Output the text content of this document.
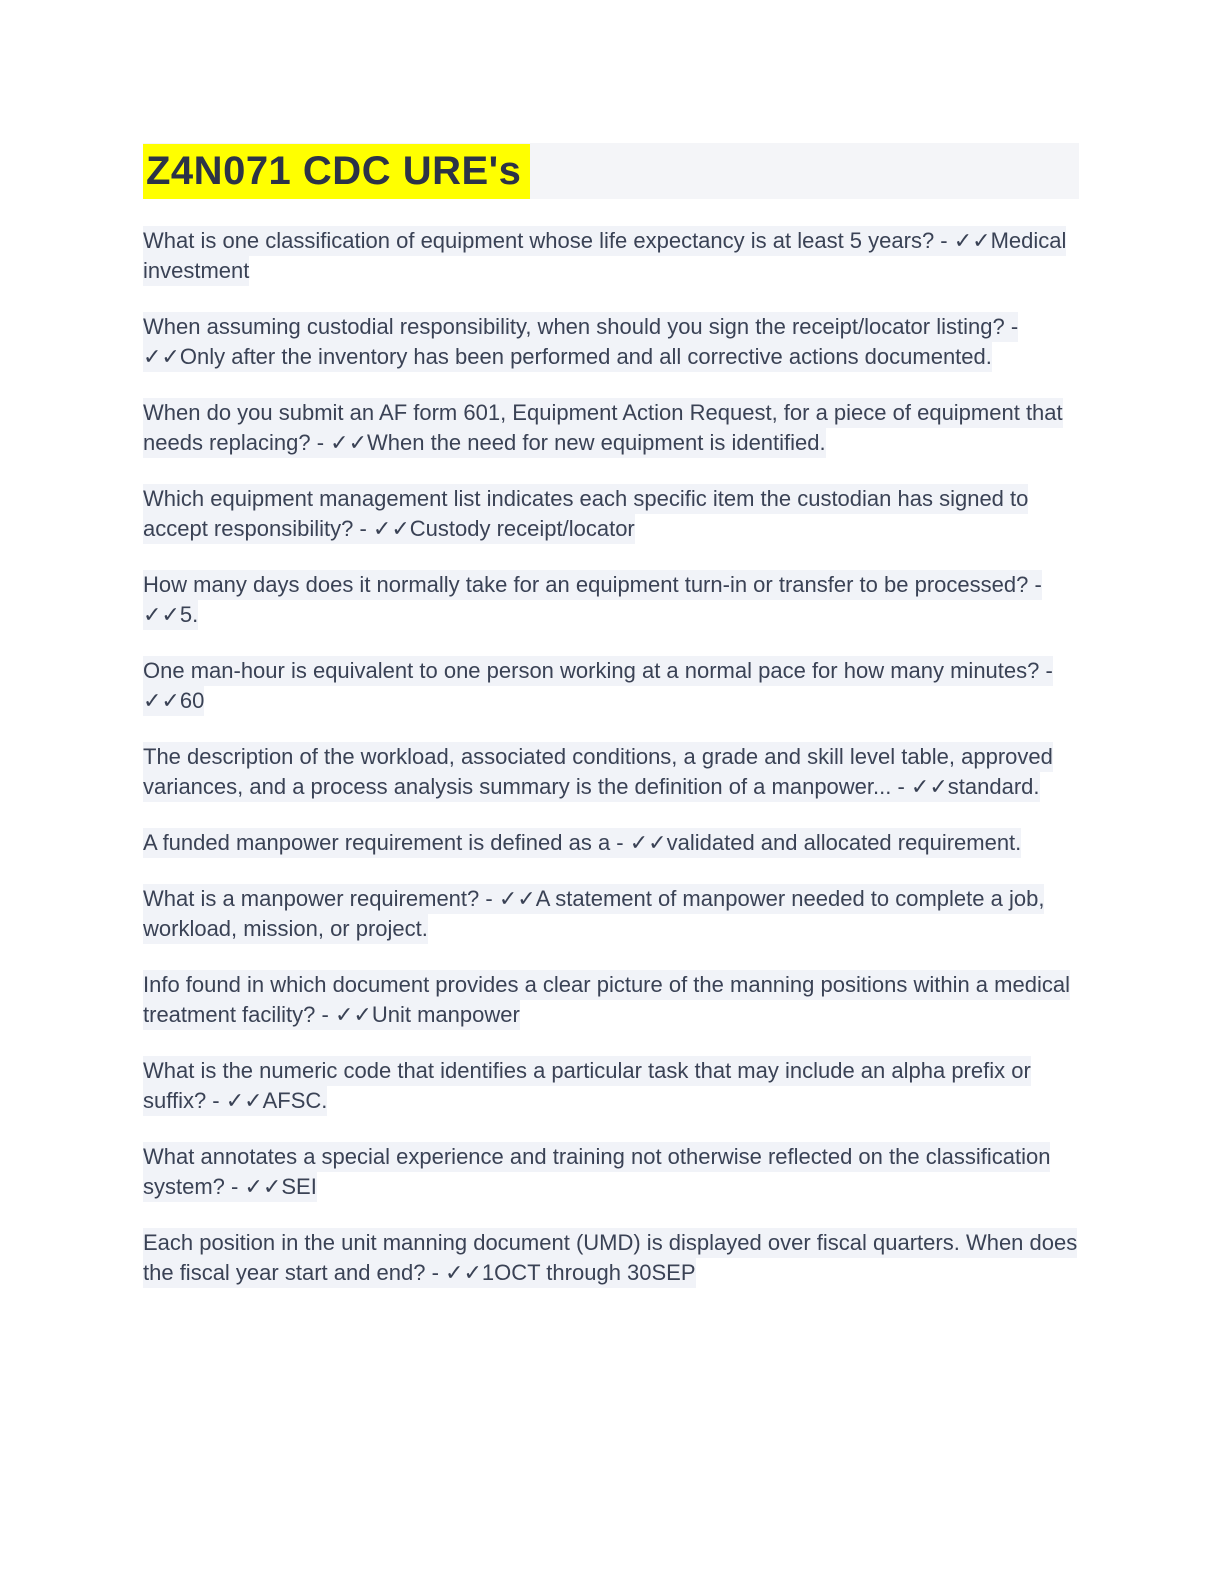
Z4N071 CDC URE's

What is one classification of equipment whose life expectancy is at least 5 years? - ✓✓Medical investment

When assuming custodial responsibility, when should you sign the receipt/locator listing? - ✓✓Only after the inventory has been performed and all corrective actions documented.

When do you submit an AF form 601, Equipment Action Request, for a piece of equipment that needs replacing? - ✓✓When the need for new equipment is identified.

Which equipment management list indicates each specific item the custodian has signed to accept responsibility? - ✓✓Custody receipt/locator

How many days does it normally take for an equipment turn-in or transfer to be processed? - ✓✓5.

One man-hour is equivalent to one person working at a normal pace for how many minutes? - ✓✓60

The description of the workload, associated conditions, a grade and skill level table, approved variances, and a process analysis summary is the definition of a manpower... - ✓✓standard.

A funded manpower requirement is defined as a - ✓✓validated and allocated requirement.

What is a manpower requirement? - ✓✓A statement of manpower needed to complete a job, workload, mission, or project.

Info found in which document provides a clear picture of the manning positions within a medical treatment facility? - ✓✓Unit manpower

What is the numeric code that identifies a particular task that may include an alpha prefix or suffix? - ✓✓AFSC.

What annotates a special experience and training not otherwise reflected on the classification system? - ✓✓SEI

Each position in the unit manning document (UMD) is displayed over fiscal quarters. When does the fiscal year start and end? - ✓✓1OCT through 30SEP
